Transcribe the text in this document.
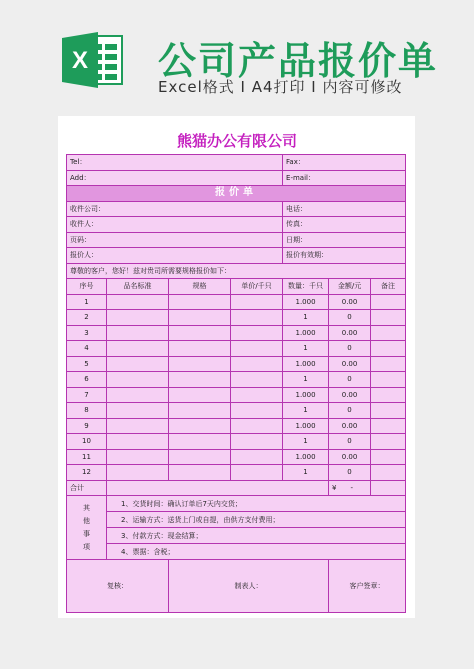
X 公司产品报价单
Excel格式 I A4打印 I 内容可修改
熊猫办公有限公司
Tel：				Fax：		
Add：				E-mail：		
报价单						
收件公司：				电话：		
收件人：				传真：		
页码：				日期：		
报价人：				报价有效期：		
尊敬的客户，您好！兹对贵司所需要规格报价如下：						
序号	品名标准	规格	单价/千只	数量：千只	金额/元	备注
1				1.000	0.00	
2				1	0	
3				1.000	0.00	
4				1	0	
5				1.000	0.00	
6				1	0	
7				1.000	0.00	
8				1	0	
9				1.000	0.00	
10				1	0	
11				1.000	0.00	
12				1	0	
合计					¥ -	

其
他
事
项	1、交货时间：确认订单后7天内交货；					
	2、运输方式：送货上门或自提，由供方支付费用；					
	3、付款方式：现金结算；					
	4、票据：含税；					
复核：		制表人：			客户签章：	
